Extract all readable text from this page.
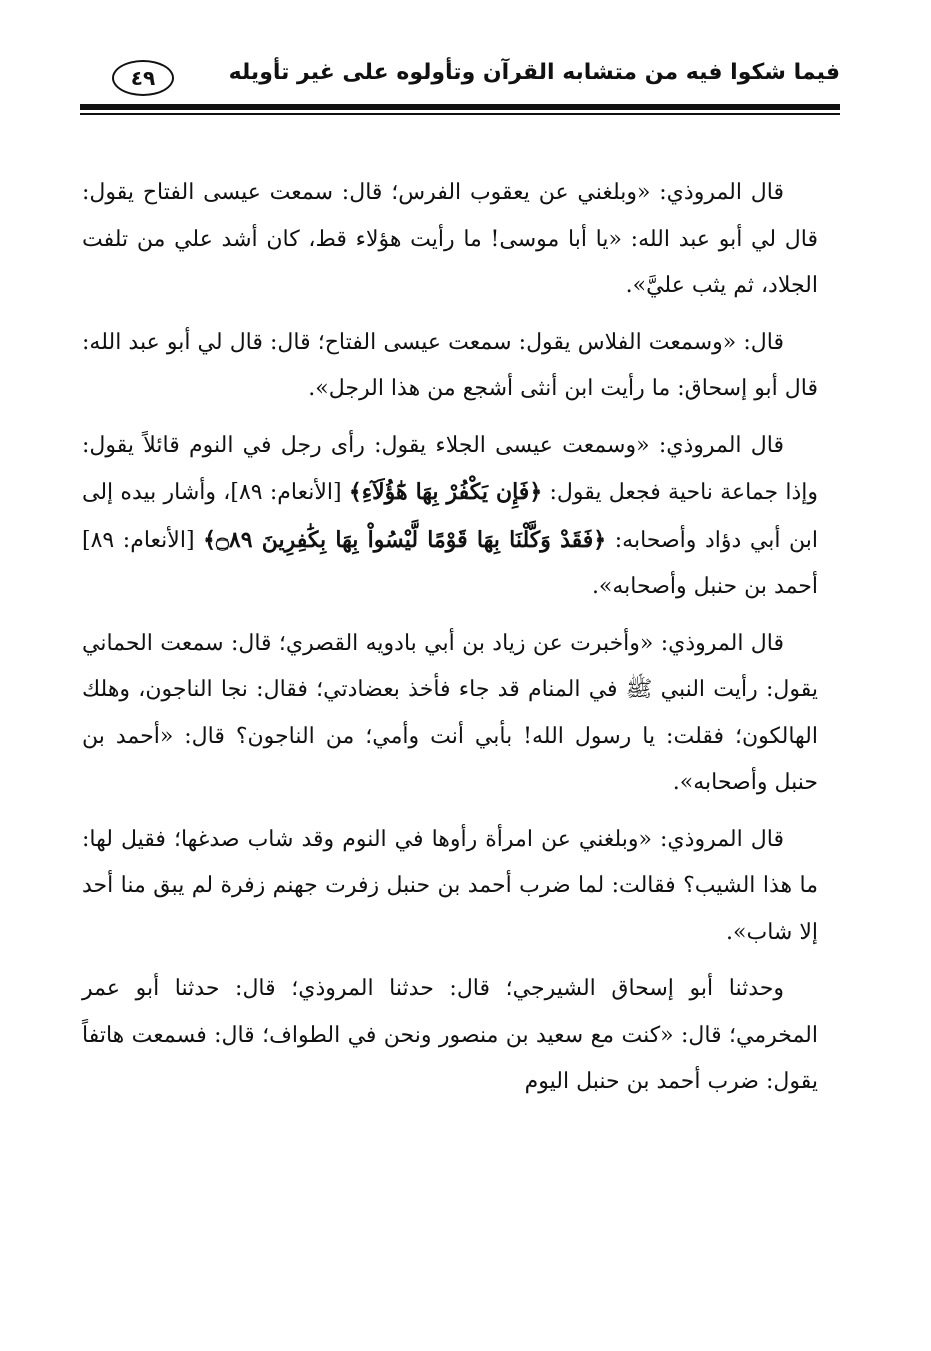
فيما شكوا فيه من متشابه القرآن وتأولوه على غير تأويله
٤٩

قال المروذي: «وبلغني عن يعقوب الفرس؛ قال: سمعت عيسى الفتاح يقول: قال لي أبو عبد الله: «يا أبا موسى! ما رأيت هؤلاء قط، كان أشد علي من تلفت الجلاد، ثم يثب عليَّ».

قال: «وسمعت الفلاس يقول: سمعت عيسى الفتاح؛ قال: قال لي أبو عبد الله: قال أبو إسحاق: ما رأيت ابن أنثى أشجع من هذا الرجل».

قال المروذي: «وسمعت عيسى الجلاء يقول: رأى رجل في النوم قائلاً يقول: وإذا جماعة ناحية فجعل يقول: ﴿فَإِن يَكْفُرْ بِهَا هَٰٓؤُلَآءِ﴾ [الأنعام: ٨٩]، وأشار بيده إلى ابن أبي دؤاد وأصحابه: ﴿فَقَدْ وَكَّلْنَا بِهَا قَوْمًا لَّيْسُواْ بِهَا بِكَٰفِرِينَ ۝٨٩﴾ [الأنعام: ٨٩] أحمد بن حنبل وأصحابه».

قال المروذي: «وأخبرت عن زياد بن أبي بادويه القصري؛ قال: سمعت الحماني يقول: رأيت النبي ﷺ في المنام قد جاء فأخذ بعضادتي؛ فقال: نجا الناجون، وهلك الهالكون؛ فقلت: يا رسول الله! بأبي أنت وأمي؛ من الناجون؟ قال: «أحمد بن حنبل وأصحابه».

قال المروذي: «وبلغني عن امرأة رأوها في النوم وقد شاب صدغها؛ فقيل لها: ما هذا الشيب؟ فقالت: لما ضرب أحمد بن حنبل زفرت جهنم زفرة لم يبق منا أحد إلا شاب».

وحدثنا أبو إسحاق الشيرجي؛ قال: حدثنا المروذي؛ قال: حدثنا أبو عمر المخرمي؛ قال: «كنت مع سعيد بن منصور ونحن في الطواف؛ قال: فسمعت هاتفاً يقول: ضرب أحمد بن حنبل اليوم
